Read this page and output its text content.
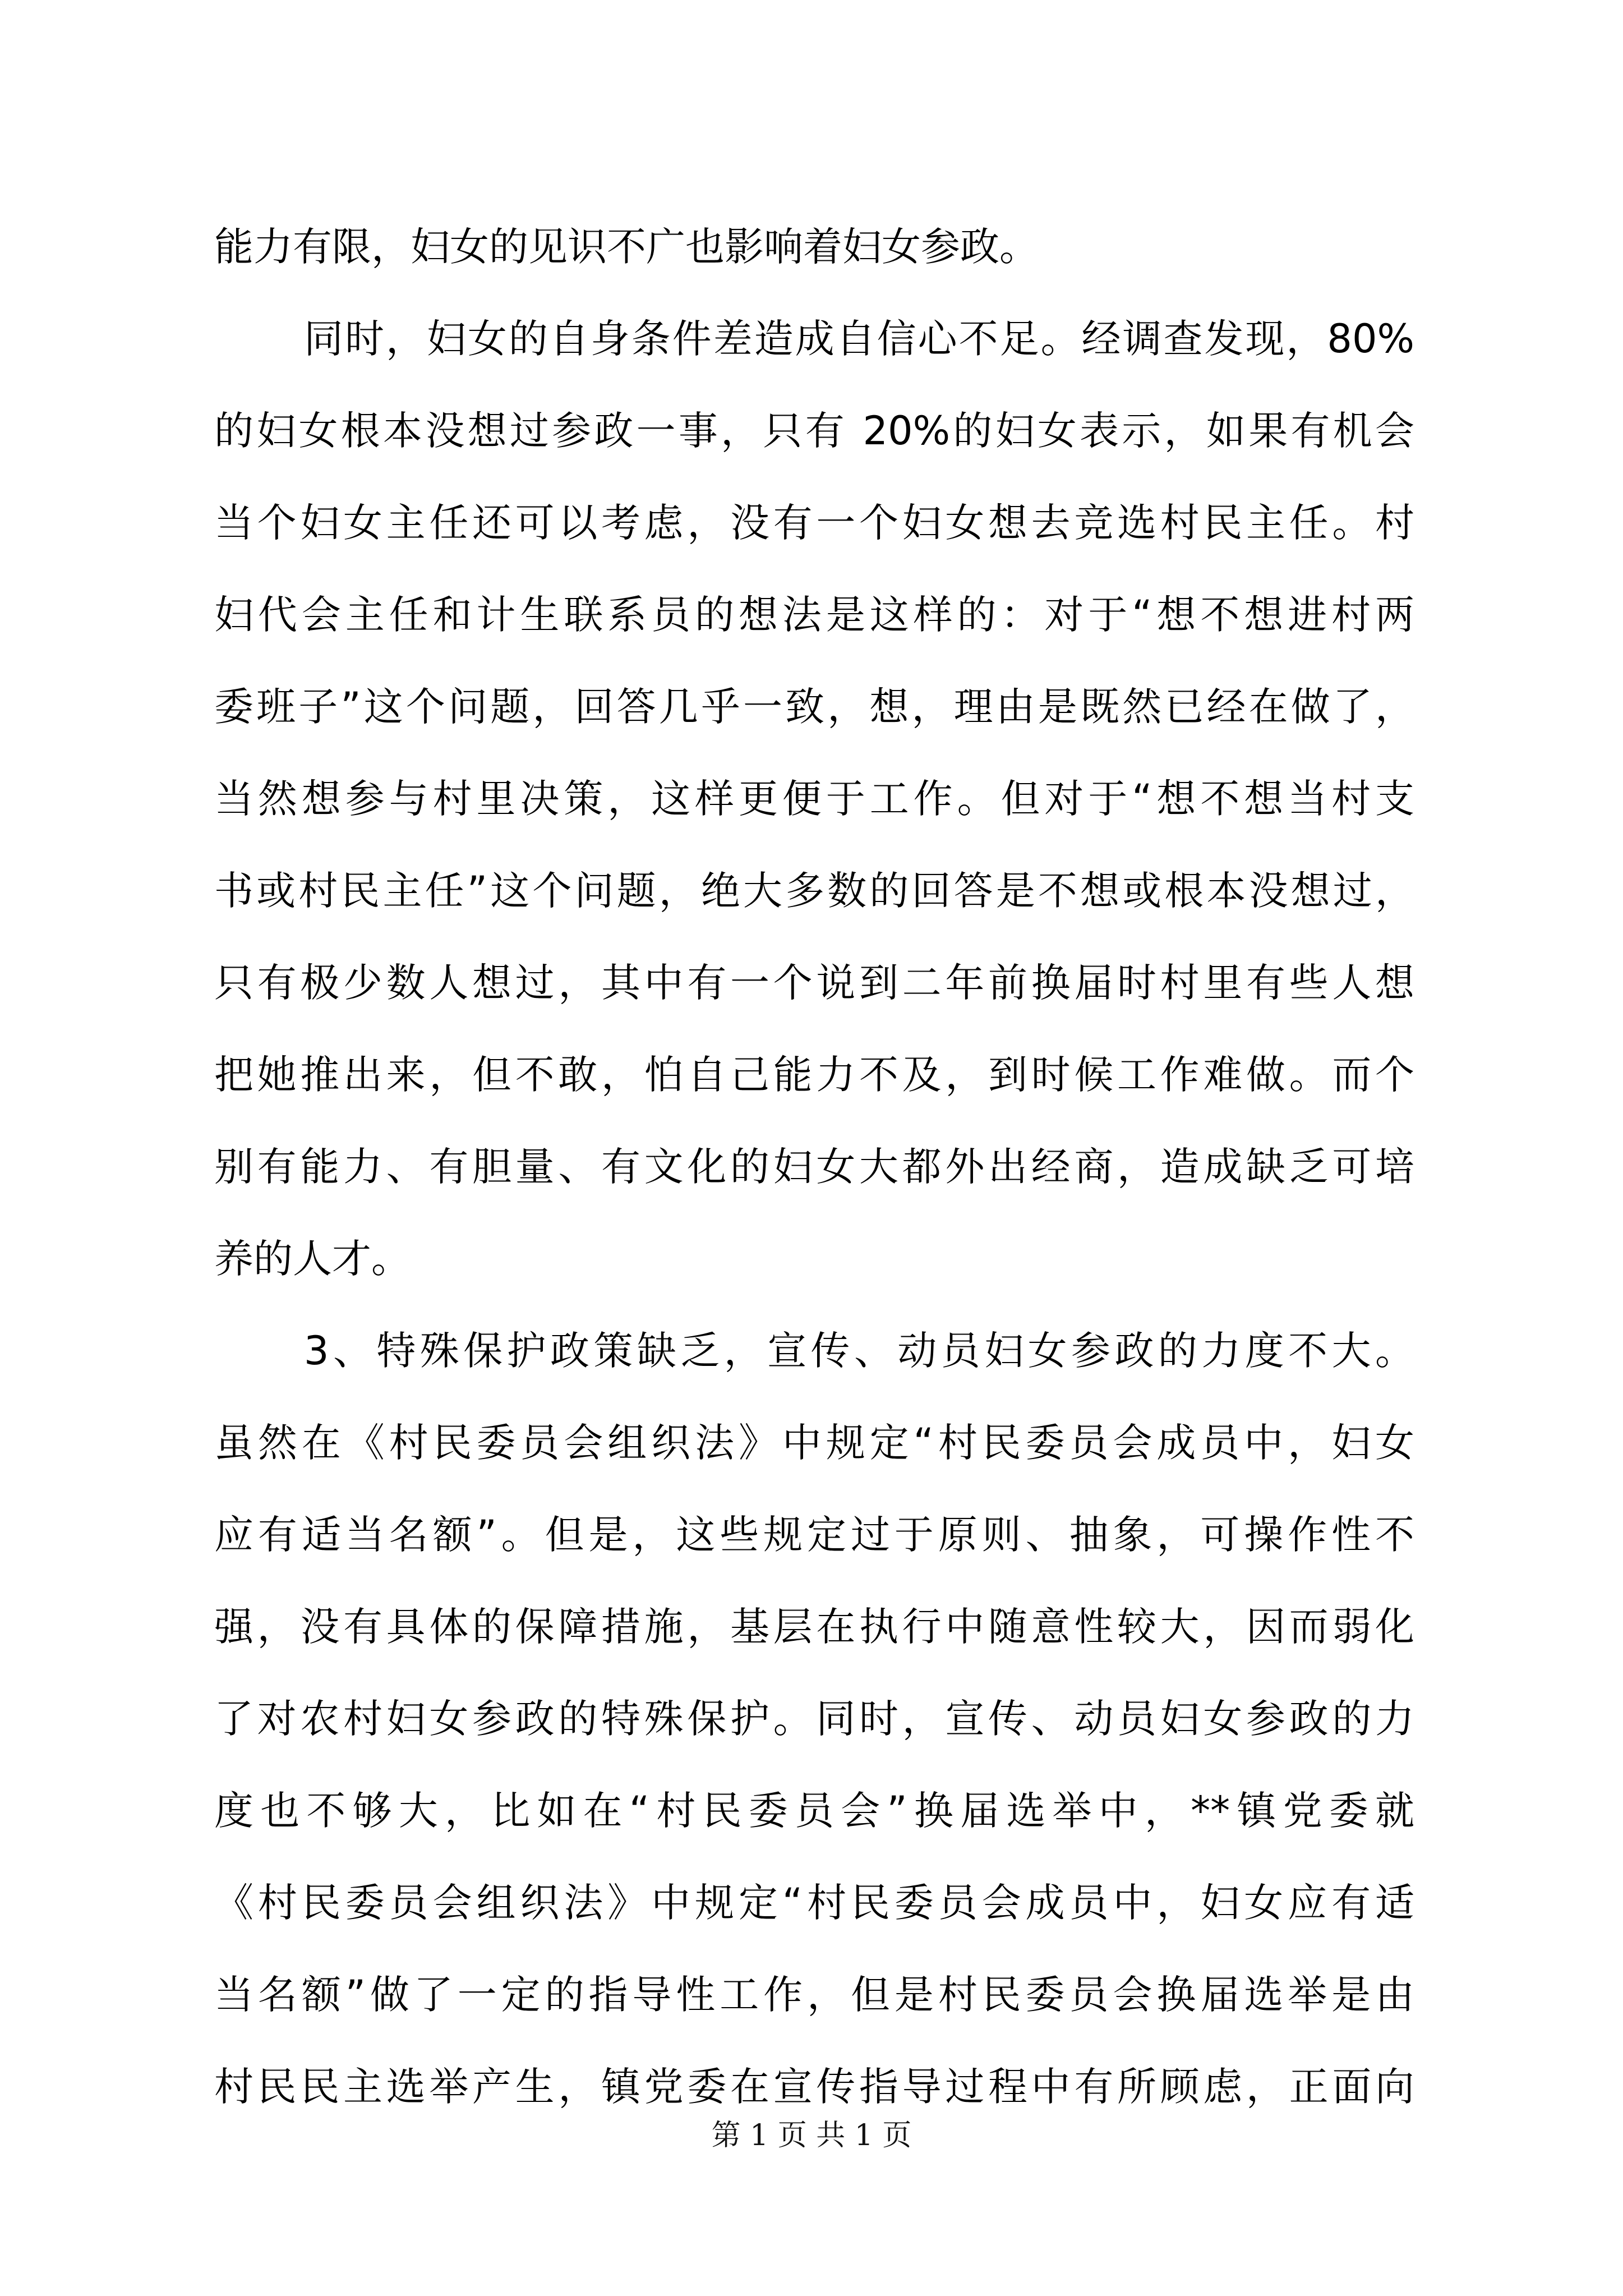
能力有限，妇女的见识不广也影响着妇女参政。
同时，妇女的自身条件差造成自信心不足。经调查发现，80%
的妇女根本没想过参政一事，只有 20%的妇女表示，如果有机会
当个妇女主任还可以考虑，没有一个妇女想去竞选村民主任。村
妇代会主任和计生联系员的想法是这样的：对于“想不想进村两
委班子”这个问题，回答几乎一致，想，理由是既然已经在做了，
当然想参与村里决策，这样更便于工作。但对于“想不想当村支
书或村民主任”这个问题，绝大多数的回答是不想或根本没想过，
只有极少数人想过，其中有一个说到二年前换届时村里有些人想
把她推出来，但不敢，怕自己能力不及，到时候工作难做。而个
别有能力、有胆量、有文化的妇女大都外出经商，造成缺乏可培
养的人才。
3、特殊保护政策缺乏，宣传、动员妇女参政的力度不大。
虽然在《村民委员会组织法》中规定“村民委员会成员中，妇女
应有适当名额”。但是，这些规定过于原则、抽象，可操作性不
强，没有具体的保障措施，基层在执行中随意性较大，因而弱化
了对农村妇女参政的特殊保护。同时，宣传、动员妇女参政的力
度也不够大，比如在“村民委员会”换届选举中，**镇党委就
《村民委员会组织法》中规定“村民委员会成员中，妇女应有适
当名额”做了一定的指导性工作，但是村民委员会换届选举是由
村民民主选举产生，镇党委在宣传指导过程中有所顾虑，正面向
第 1 页 共 1 页
